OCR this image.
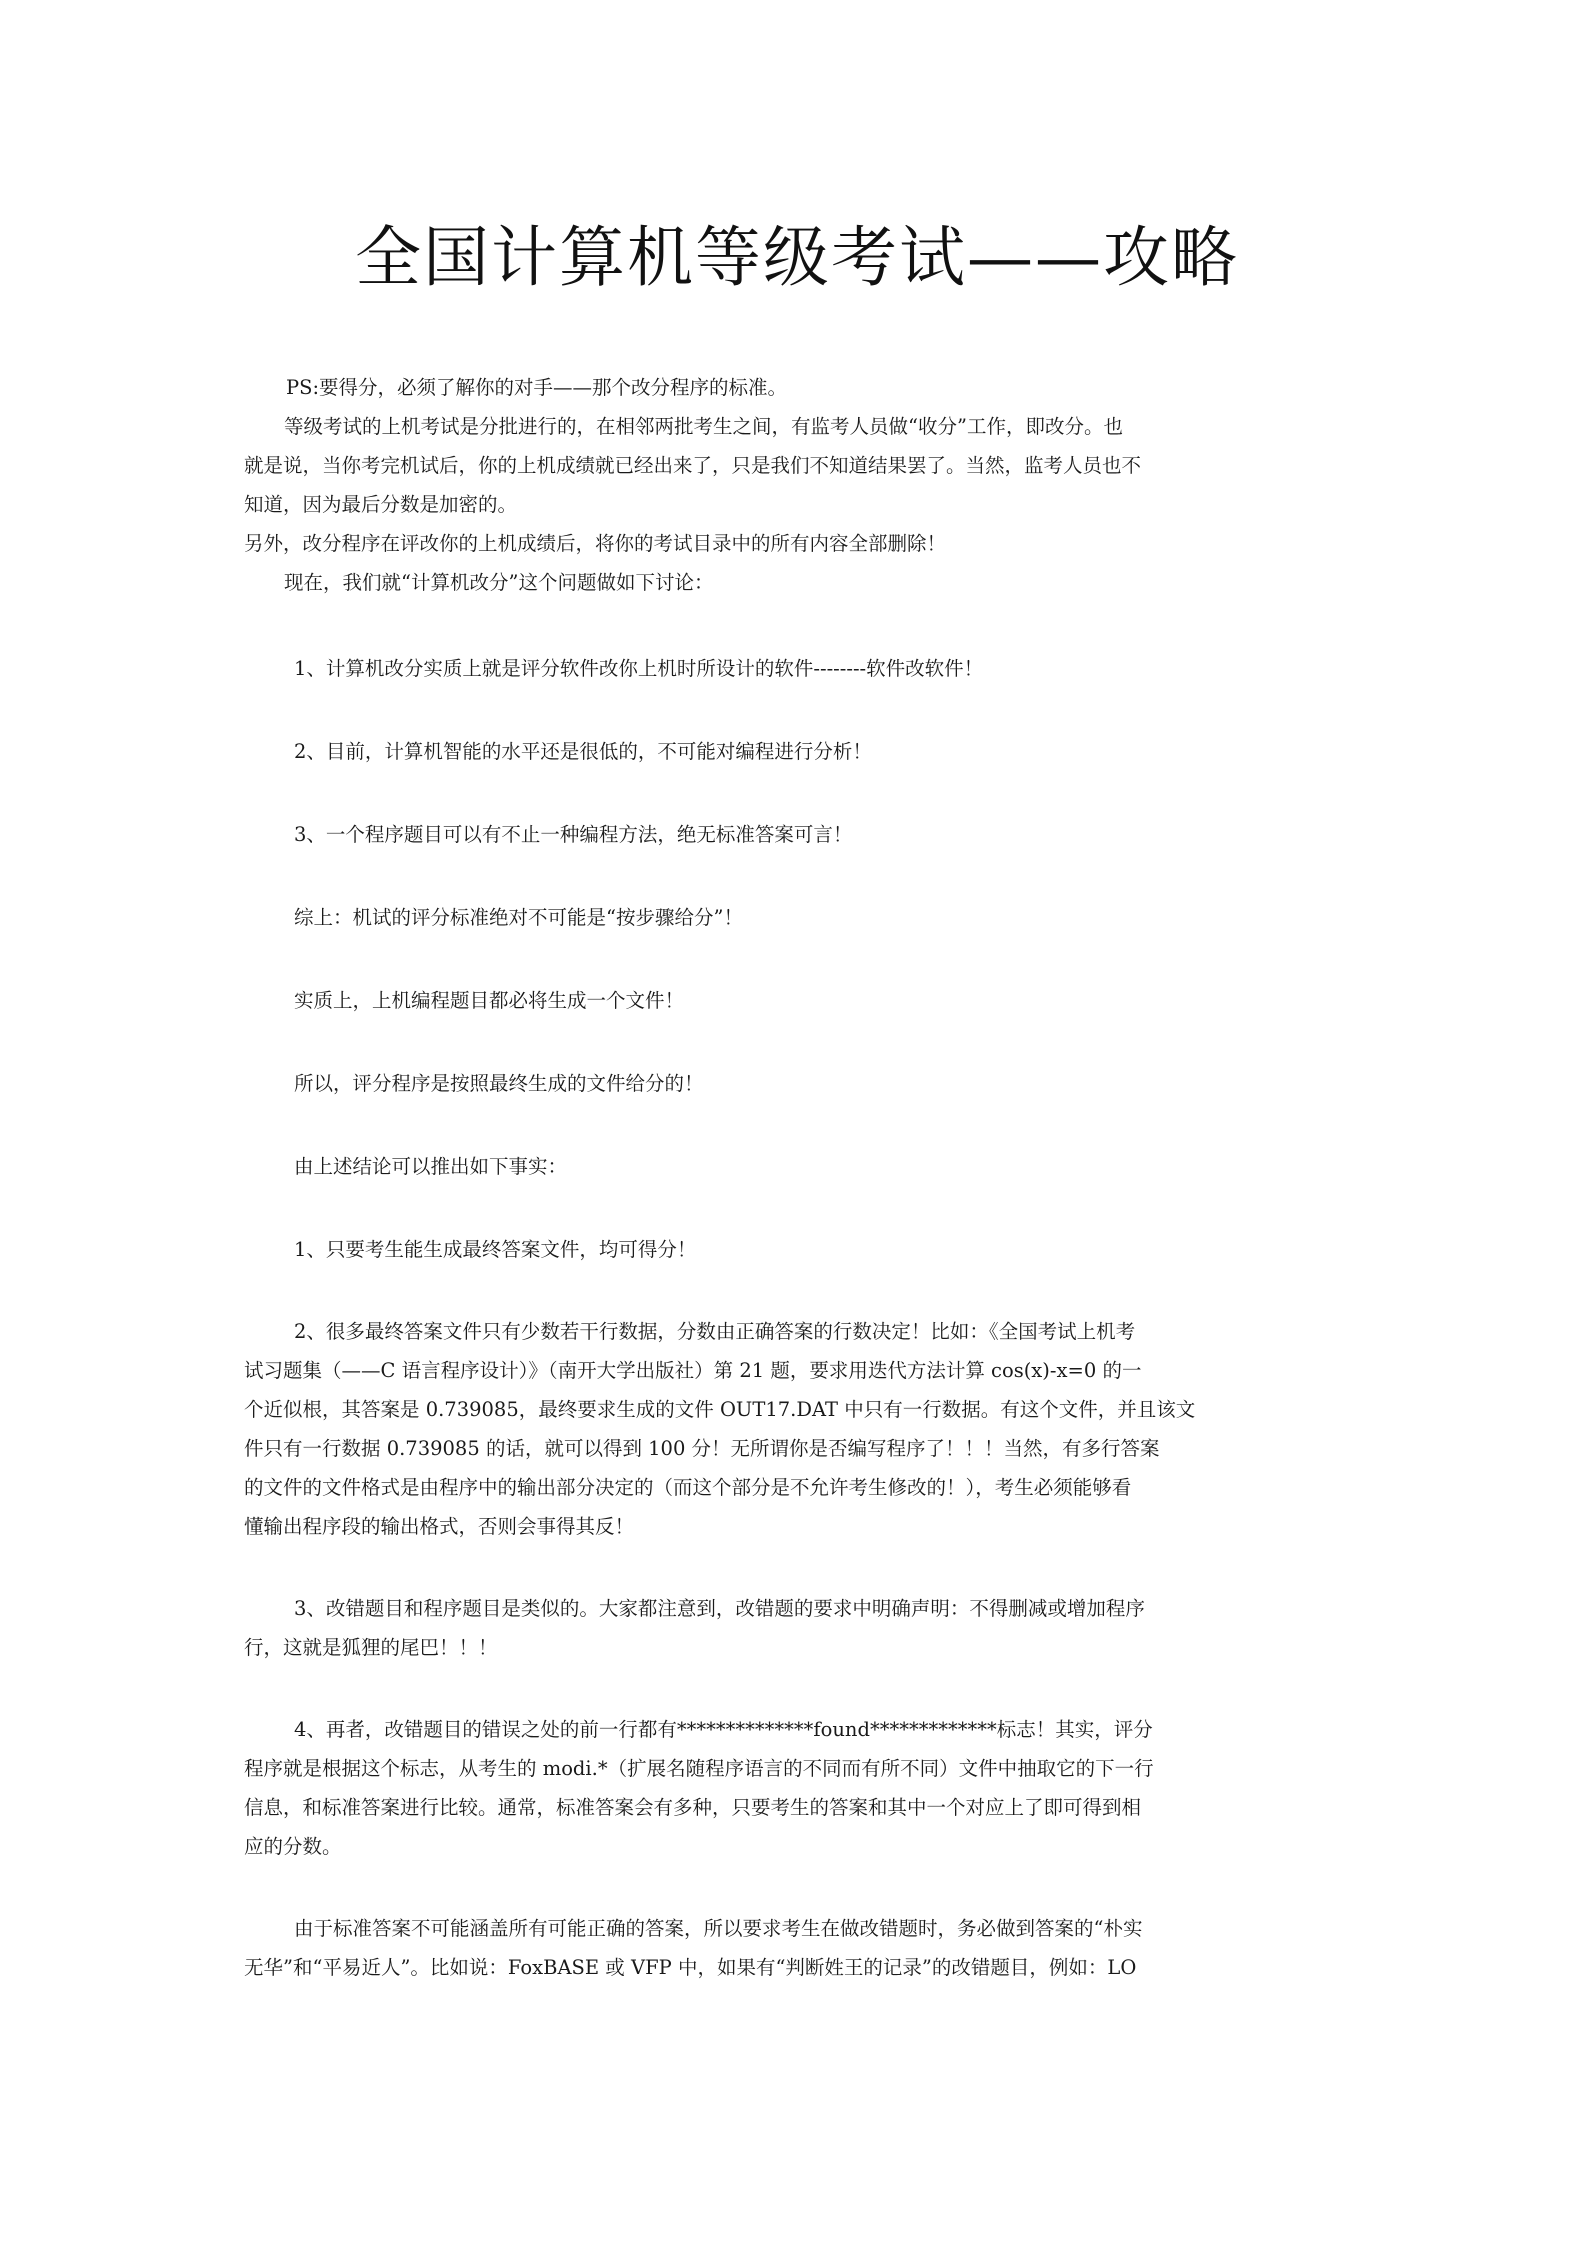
全国计算机等级考试——攻略

PS:要得分，必须了解你的对手——那个改分程序的标准。

等级考试的上机考试是分批进行的，在相邻两批考生之间，有监考人员做“收分”工作，即改分。也

就是说，当你考完机试后，你的上机成绩就已经出来了，只是我们不知道结果罢了。当然，监考人员也不

知道，因为最后分数是加密的。

另外，改分程序在评改你的上机成绩后，将你的考试目录中的所有内容全部删除！

现在，我们就“计算机改分”这个问题做如下讨论：

1、计算机改分实质上就是评分软件改你上机时所设计的软件--------软件改软件！

2、目前，计算机智能的水平还是很低的，不可能对编程进行分析！

3、一个程序题目可以有不止一种编程方法，绝无标准答案可言！

综上：机试的评分标准绝对不可能是“按步骤给分”！

实质上，上机编程题目都必将生成一个文件！

所以，评分程序是按照最终生成的文件给分的！

由上述结论可以推出如下事实：

1、只要考生能生成最终答案文件，均可得分！

2、很多最终答案文件只有少数若干行数据，分数由正确答案的行数决定！比如：《全国考试上机考

试习题集（——C 语言程序设计）》（南开大学出版社）第 21 题，要求用迭代方法计算 cos(x)-x=0 的一

个近似根，其答案是 0.739085，最终要求生成的文件 OUT17.DAT 中只有一行数据。有这个文件，并且该文

件只有一行数据 0.739085 的话，就可以得到 100 分！无所谓你是否编写程序了！！！当然，有多行答案

的文件的文件格式是由程序中的输出部分决定的（而这个部分是不允许考生修改的！），考生必须能够看

懂输出程序段的输出格式，否则会事得其反！

3、改错题目和程序题目是类似的。大家都注意到，改错题的要求中明确声明：不得删减或增加程序

行，这就是狐狸的尾巴！！！

4、再者，改错题目的错误之处的前一行都有**************found*************标志！其实，评分

程序就是根据这个标志，从考生的 modi.*（扩展名随程序语言的不同而有所不同）文件中抽取它的下一行

信息，和标准答案进行比较。通常，标准答案会有多种，只要考生的答案和其中一个对应上了即可得到相

应的分数。

由于标准答案不可能涵盖所有可能正确的答案，所以要求考生在做改错题时，务必做到答案的“朴实

无华”和“平易近人”。比如说：FoxBASE 或 VFP 中，如果有“判断姓王的记录”的改错题目，例如：LO
